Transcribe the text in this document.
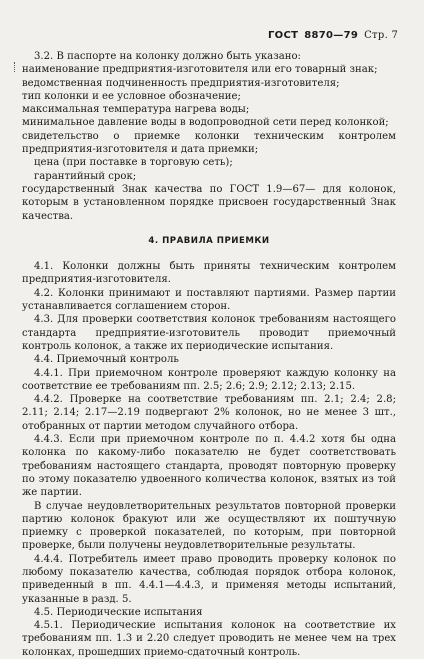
ГОСТ 8870—79 Стр. 7

3.2. В паспорте на колонку должно быть указано:

наименование предприятия-изготовителя или его товарный знак;

ведомственная подчиненность предприятия-изготовителя;

тип колонки и ее условное обозначение;

максимальная температура нагрева воды;

минимальное давление воды в водопроводной сети перед колонкой;

свидетельство о приемке колонки техническим контролем предприятия-изготовителя и дата приемки;

цена (при поставке в торговую сеть);

гарантийный срок;

государственный Знак качества по ГОСТ 1.9—67— для колонок, которым в установленном порядке присвоен государственный Знак качества.

4. ПРАВИЛА ПРИЕМКИ

4.1. Колонки должны быть приняты техническим контролем предприятия-изготовителя.

4.2. Колонки принимают и поставляют партиями. Размер партии устанавливается соглашением сторон.

4.3. Для проверки соответствия колонок требованиям настоящего стандарта предприятие-изготовитель проводит приемочный контроль колонок, а также их периодические испытания.

4.4. Приемочный контроль

4.4.1. При приемочном контроле проверяют каждую колонку на соответствие ее требованиям пп. 2.5; 2.6; 2.9; 2.12; 2.13; 2.15.

4.4.2. Проверке на соответствие требованиям пп. 2.1; 2.4; 2.8; 2.11; 2.14; 2.17—2.19 подвергают 2% колонок, но не менее 3 шт., отобранных от партии методом случайного отбора.

4.4.3. Если при приемочном контроле по п. 4.4.2 хотя бы одна колонка по какому-либо показателю не будет соответствовать требованиям настоящего стандарта, проводят повторную проверку по этому показателю удвоенного количества колонок, взятых из той же партии.

В случае неудовлетворительных результатов повторной проверки партию колонок бракуют или же осуществляют их поштучную приемку с проверкой показателей, по которым, при повторной проверке, были получены неудовлетворительные результаты.

4.4.4. Потребитель имеет право проводить проверку колонок по любому показателю качества, соблюдая порядок отбора колонок, приведенный в пп. 4.4.1—4.4.3, и применяя методы испытаний, указанные в разд. 5.

4.5. Периодические испытания

4.5.1. Периодические испытания колонок на соответствие их требованиям пп. 1.3 и 2.20 следует проводить не менее чем на трех колонках, прошедших приемо-сдаточный контроль.
